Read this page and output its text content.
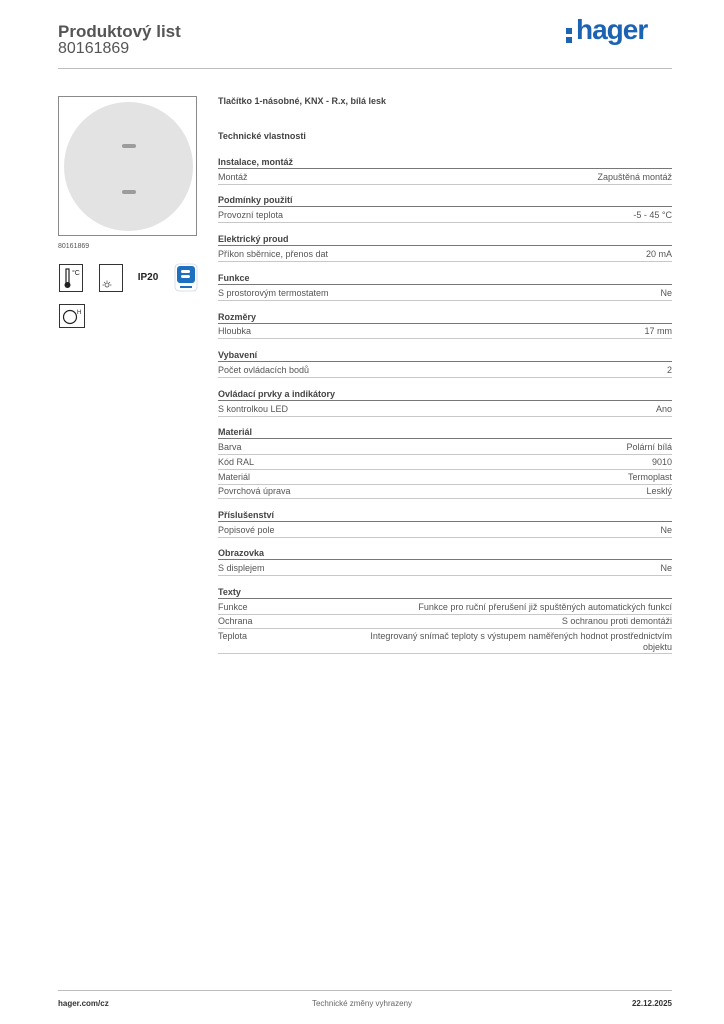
Produktový list
80161869
hager
80161869
°C	IP20
H
Tlačítko 1-násobné, KNX - R.x, bílá lesk
Technické vlastnosti
Instalace, montáž
Montáž	Zapuštěná montáž
Podmínky použití
Provozní teplota	-5 - 45 °C
Elektrický proud
Příkon sběrnice, přenos dat	20 mA
Funkce
S prostorovým termostatem	Ne
Rozměry
Hloubka	17 mm
Vybavení
Počet ovládacích bodů	2
Ovládací prvky a indikátory
S kontrolkou LED	Ano
Materiál
Barva	Polární bílá
Kód RAL	9010
Materiál	Termoplast
Povrchová úprava	Lesklý
Příslušenství
Popisové pole	Ne
Obrazovka
S displejem	Ne
Texty
Funkce	Funkce pro ruční přerušení již spuštěných automatických funkcí
Ochrana	S ochranou proti demontáži
Teplota	Integrovaný snímač teploty s výstupem naměřených hodnot prostřednictvím
objektu
hager.com/cz	Technické změny vyhrazeny	22.12.2025
